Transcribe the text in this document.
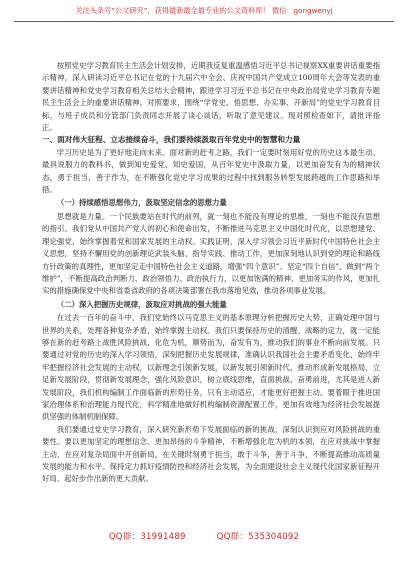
关注头条号“公文研究”，获得最新最全最专业的公文资料库！ 微信：gongwenyj

按照党史学习教育民主生活会计划安排，近期我反复重温感悟习近平总书记视察XX重要讲话重要指示精神，深入研读习近平总书记在党的十九届六中全会、庆祝中国共产党成立100周年大会等发表的重要讲话精神和党史学习教育相关总结大会精神，跟进学习习近平总书记在中央政治局党史学习教育专题民主生活会上的重要讲话精神。对照要求，围绕“学党史、悟思想、办实事、开新局”的党史学习教育目标，与班子成员和分管部门负责同志开展了谈心谈话，听取了意见建议。现对照检查如下，请批评指正。

一、面对伟大征程、立志接续奋斗，我们要持续汲取百年党史中的智慧和力量

学习历史是为了更好地走向未来。面对新的赶考之路，我们一定要时刻用好党的历史这本最生动、最具说服力的教科书，做到知史爱党、知史爱国，从百年党史中汲取力量，以更加奋发有为的精神状态，勇于担当，善于作为，在不断强化党史学习成果的过程中找到服务转型发展跨越的工作思路和举措。

（一）持续感悟思想伟力，汲取坚定信念的思想力量

思想就是力量。一个民族要站在时代的前列，就一刻也不能没有理论的思维，一刻也不能没有思想的指引。我们党从中国共产党人的初心和使命出发，不断推进马克思主义中国化时代化，以思想建党、理论强党，始终掌握着党和国家发展的主动权。实践证明，深入学习领会习近平新时代中国特色社会主义思想，坚持不懈用党的创新理论武装头脑、指导实践、推动工作，更加深刻地认识到党的理论和路线方针政策的真理性，更加坚定走中国特色社会主义道路，增强“四个意识”、坚定“四个自信”、做到“两个维护”，不断提高政治判断力、政治领悟力、政治执行力，以更加饱满的精神、更加务实的作风，更加扎实的措施确保党中央和省委省政府的各项决策部署在我市落地见效，推动各项事业发展。

（二）深入把握历史规律，汲取应对挑战的强大能量

在过去一百年的奋斗中，我们党始终以马克思主义的基本原理分析把握历史大势，正确处理中国与世界的关系，处理各种复杂矛盾，始终掌握主动权。我们只要保持历史的清醒、战略的定力，就一定能够在新的赶考路上战胜风险挑战，化危为机，顺势而为，奋发有为，推动我们的事业不断向前发展。只要通过对党的历史的深入学习领悟，深刻把握历史发展规律，准确认识我国社会主要矛盾变化，始终牢牢把握经济社会发展的主动权，以新理念引领新发展，以新发展引领新时代，推动形成新发展格局，立足新发展阶段，贯彻新发展理念，强化风险意识，树立底线思维，直面挑战，奋勇前进，尤其是进入新发展阶段，我们机构编制工作面临新的形势任务，只有主动适应，才能更好把握主动。要着眼于推进国家治理体系和治理能力现代化，科学精准地做好机构编制资源配置工作，更加有效地为经济社会发展提供坚强的体制机制保障。

我们要通过党史学习教育，深入研究新形势下发展面临的新的挑战，深刻认识到应对风险挑战的重要性。要以更加坚定的理想信念、更加昂扬的斗争精神，不断增强化危为机的本领，在应对挑战中掌握主动，在应对复杂局面中开创新局，在关键时刻勇于担当，敢于斗争，善于斗争，不断提高推动高质量发展的能力和水平。保持定力抓好疫情防控和经济社会发展，为全面建设社会主义现代化国家新征程开好局、起好步作出新的更大贡献。

QQ群：31991489	QQ群：535304092
